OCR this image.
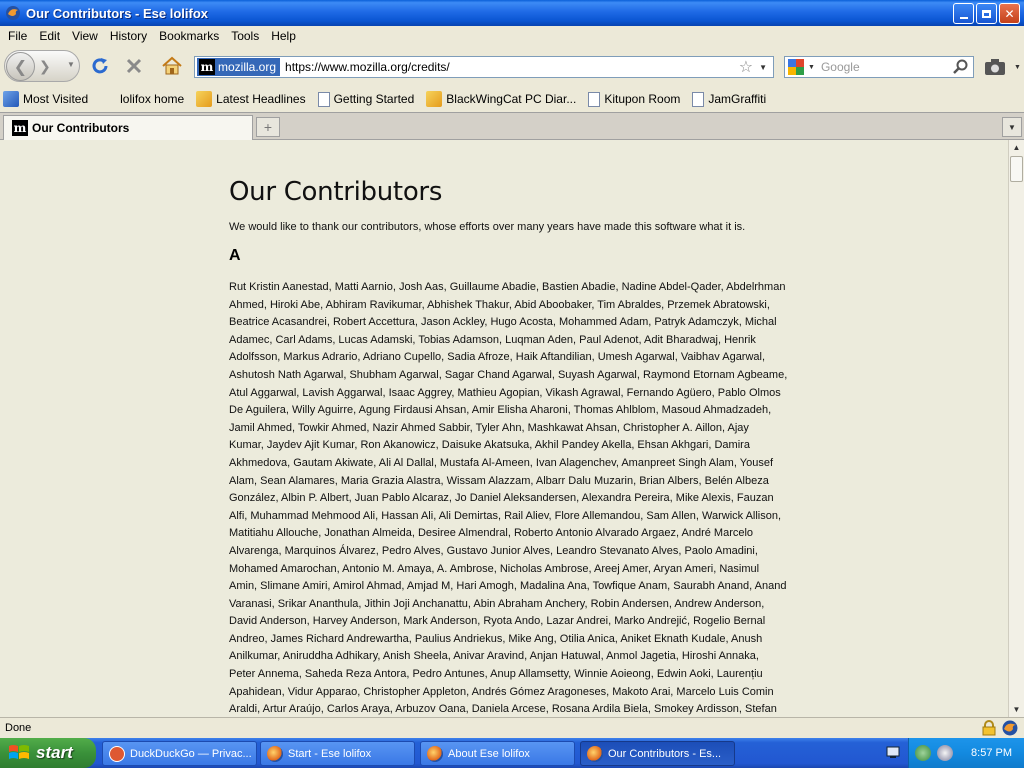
Our Contributors - Ese lolifox	✕
File	Edit	View	History	Bookmarks	Tools	Help
❮ ❯ ▼	m mozilla.org https://www.mozilla.org/credits/	☆ ▼	▼ Google	▼
Most Visited	lolifox home	Latest Headlines Getting Started	BlackWingCat PC Diar... Kitupon Room JamGraffiti
m Our Contributors	+	▼
Our Contributors

We would like to thank our contributors, whose efforts over many years have made this software what it is.

A
Rut Kristin Aanestad, Matti Aarnio, Josh Aas, Guillaume Abadie, Bastien Abadie, Nadine Abdel-Qader, Abdelrhman
Ahmed, Hiroki Abe, Abhiram Ravikumar, Abhishek Thakur, Abid Aboobaker, Tim Abraldes, Przemek Abratowski,
Beatrice Acasandrei, Robert Accettura, Jason Ackley, Hugo Acosta, Mohammed Adam, Patryk Adamczyk, Michal
Adamec, Carl Adams, Lucas Adamski, Tobias Adamson, Luqman Aden, Paul Adenot, Adit Bharadwaj, Henrik
Adolfsson, Markus Adrario, Adriano Cupello, Sadia Afroze, Haik Aftandilian, Umesh Agarwal, Vaibhav Agarwal,
Ashutosh Nath Agarwal, Shubham Agarwal, Sagar Chand Agarwal, Suyash Agarwal, Raymond Etornam Agbeame,
Atul Aggarwal, Lavish Aggarwal, Isaac Aggrey, Mathieu Agopian, Vikash Agrawal, Fernando Agüero, Pablo Olmos
De Aguilera, Willy Aguirre, Agung Firdausi Ahsan, Amir Elisha Aharoni, Thomas Ahlblom, Masoud Ahmadzadeh,
Jamil Ahmed, Towkir Ahmed, Nazir Ahmed Sabbir, Tyler Ahn, Mashkawat Ahsan, Christopher A. Aillon, Ajay
Kumar, Jaydev Ajit Kumar, Ron Akanowicz, Daisuke Akatsuka, Akhil Pandey Akella, Ehsan Akhgari, Damira
Akhmedova, Gautam Akiwate, Ali Al Dallal, Mustafa Al-Ameen, Ivan Alagenchev, Amanpreet Singh Alam, Yousef
Alam, Sean Alamares, Maria Grazia Alastra, Wissam Alazzam, Albarr Dalu Muzarin, Brian Albers, Belén Albeza
González, Albin P. Albert, Juan Pablo Alcaraz, Jo Daniel Aleksandersen, Alexandra Pereira, Mike Alexis, Fauzan
Alfi, Muhammad Mehmood Ali, Hassan Ali, Ali Demirtas, Rail Aliev, Flore Allemandou, Sam Allen, Warwick Allison,
Matitiahu Allouche, Jonathan Almeida, Desiree Almendral, Roberto Antonio Alvarado Argaez, André Marcelo
Alvarenga, Marquinos Álvarez, Pedro Alves, Gustavo Junior Alves, Leandro Stevanato Alves, Paolo Amadini,
Mohamed Amarochan, Antonio M. Amaya, A. Ambrose, Nicholas Ambrose, Areej Amer, Aryan Ameri, Nasimul
Amin, Slimane Amiri, Amirol Ahmad, Amjad M, Hari Amogh, Madalina Ana, Towfique Anam, Saurabh Anand, Anand
Varanasi, Srikar Ananthula, Jithin Joji Anchanattu, Abin Abraham Anchery, Robin Andersen, Andrew Anderson,
David Anderson, Harvey Anderson, Mark Anderson, Ryota Ando, Lazar Andrei, Marko Andrejić, Rogelio Bernal
Andreo, James Richard Andrewartha, Paulius Andriekus, Mike Ang, Otilia Anica, Aniket Eknath Kudale, Anush
Anilkumar, Aniruddha Adhikary, Anish Sheela, Anivar Aravind, Anjan Hatuwal, Anmol Jagetia, Hiroshi Annaka,
Peter Annema, Saheda Reza Antora, Pedro Antunes, Anup Allamsetty, Winnie Aoieong, Edwin Aoki, Laurențiu
Apahidean, Vidur Apparao, Christopher Appleton, Andrés Gómez Aragoneses, Makoto Arai, Marcelo Luis Comin
Araldi, Artur Araújo, Carlos Araya, Arbuzov Oana, Daniela Arcese, Rosana Ardila Biela, Smokey Ardisson, Stefan
▲
▼
Done
start	DuckDuckGo — Privac...	Start - Ese lolifox	About Ese lolifox	Our Contributors - Es...	8:57 PM
